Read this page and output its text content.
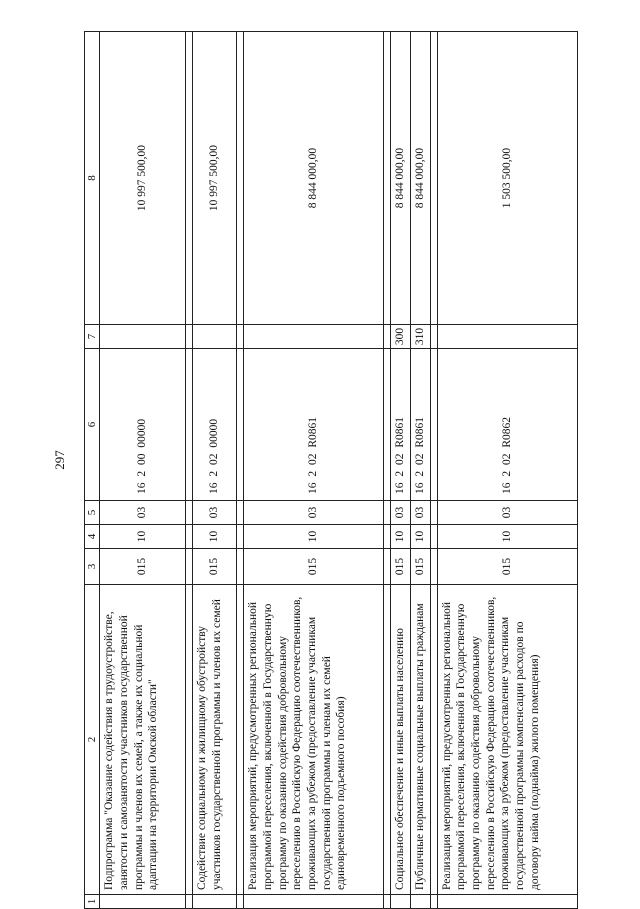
297
1	2	3	4	5	6	7	8
	Подпрограмма "Оказание содействия в трудоустройстве, занятости и самозанятости участников государственной программы и членов их семей, а также их социальной адаптации на территории Омской области"	015	10	03	16 2 00 00000		10 997 500,00

	Содействие социальному и жилищному обустройству участников государственной программы и членов их семей	015	10	03	16 2 02 00000		10 997 500,00

	Реализация мероприятий, предусмотренных региональной программой переселения, включенной в Государственную программу по оказанию содействия добровольному переселению в Российскую Федерацию соотечественников, проживающих за рубежом (предоставление участникам государственной программы и членам их семей единовременного подъемного пособия)	015	10	03	16 2 02 R0861		8 844 000,00

	Социальное обеспечение и иные выплаты населению	015	10	03	16 2 02 R0861	300	8 844 000,00
	Публичные нормативные социальные выплаты гражданам	015	10	03	16 2 02 R0861	310	8 844 000,00

	Реализация мероприятий, предусмотренных региональной программой переселения, включенной в Государственную программу по оказанию содействия добровольному переселению в Российскую Федерацию соотечественников, проживающих за рубежом (предоставление участникам государственной программы компенсации расходов по договору найма (поднайма) жилого помещения)	015	10	03	16 2 02 R0862		1 503 500,00
